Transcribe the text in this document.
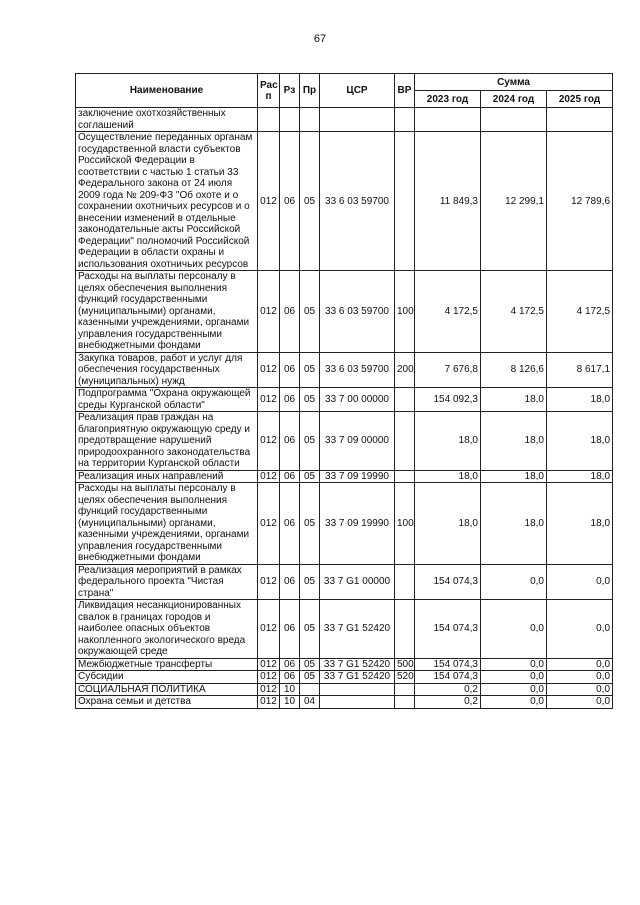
67
Наименование	Рас п	Рз	Пр	ЦСР	ВР	Сумма		
						2023 год	2024 год	2025 год
заключение охотхозяйственных соглашений								
Осуществление переданных органам государственной власти субъектов Российской Федерации в соответствии с частью 1 статьи 33 Федерального закона от 24 июля 2009 года № 209-ФЗ "Об охоте и о сохранении охотничьих ресурсов и о внесении изменений в отдельные законодательные акты Российской Федерации" полномочий Российской Федерации в области охраны и использования охотничьих ресурсов	012	06	05	33 6 03 59700		11 849,3	12 299,1	12 789,6
Расходы на выплаты персоналу в целях обеспечения выполнения функций государственными (муниципальными) органами, казенными учреждениями, органами управления государственными внебюджетными фондами	012	06	05	33 6 03 59700	100	4 172,5	4 172,5	4 172,5
Закупка товаров, работ и услуг для обеспечения государственных (муниципальных) нужд	012	06	05	33 6 03 59700	200	7 676,8	8 126,6	8 617,1
Подпрограмма "Охрана окружающей среды Курганской области"	012	06	05	33 7 00 00000		154 092,3	18,0	18,0
Реализация прав граждан на благоприятную окружающую среду и предотвращение нарушений природоохранного законодательства на территории Курганской области	012	06	05	33 7 09 00000		18,0	18,0	18,0
Реализация иных направлений	012	06	05	33 7 09 19990		18,0	18,0	18,0
Расходы на выплаты персоналу в целях обеспечения выполнения функций государственными (муниципальными) органами, казенными учреждениями, органами управления государственными внебюджетными фондами	012	06	05	33 7 09 19990	100	18,0	18,0	18,0
Реализация мероприятий в рамках федерального проекта "Чистая страна"	012	06	05	33 7 G1 00000		154 074,3	0,0	0,0
Ликвидация несанкционированных свалок в границах городов и наиболее опасных объектов накопленного экологического вреда окружающей среде	012	06	05	33 7 G1 52420		154 074,3	0,0	0,0
Межбюджетные трансферты	012	06	05	33 7 G1 52420	500	154 074,3	0,0	0,0
Субсидии	012	06	05	33 7 G1 52420	520	154 074,3	0,0	0,0
СОЦИАЛЬНАЯ ПОЛИТИКА	012	10				0,2	0,0	0,0
Охрана семьи и детства	012	10	04			0,2	0,0	0,0
